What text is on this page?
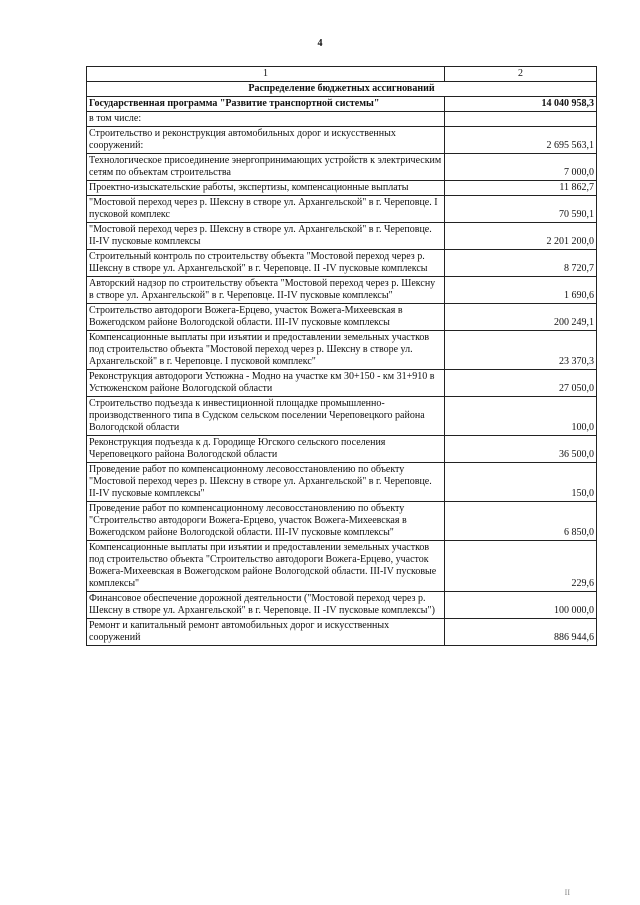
4
1	2
Распределение бюджетных ассигнований	
Государственная программа "Развитие транспортной системы"	14 040 958,3
в том числе:	
Строительство и реконструкция автомобильных дорог и искусственных сооружений:	2 695 563,1
Технологическое присоединение энергопринимающих устройств к электрическим сетям по объектам строительства	7 000,0
Проектно-изыскательские работы, экспертизы, компенсационные выплаты	11 862,7
"Мостовой переход через р. Шексну в створе ул. Архангельской" в г. Череповце. I пусковой комплекс	70 590,1
"Мостовой переход через р. Шексну в створе ул. Архангельской" в г. Череповце. II-IV пусковые комплексы	2 201 200,0
Строительный контроль по строительству объекта "Мостовой переход через р. Шексну в створе ул. Архангельской" в г. Череповце. II -IV пусковые комплексы	8 720,7
Авторский надзор по строительству объекта "Мостовой переход через р. Шексну в створе ул. Архангельской" в г. Череповце. II-IV пусковые комплексы"	1 690,6
Строительство автодороги Вожега-Ерцево, участок Вожега-Михеевская в Вожегодском районе Вологодской области. III-IV пусковые комплексы	200 249,1
Компенсационные выплаты при изъятии и предоставлении земельных участков под строительство объекта "Мостовой переход через р. Шексну в створе ул. Архангельской" в г. Череповце. I пусковой комплекс"	23 370,3
Реконструкция автодороги Устюжна - Модно на участке км 30+150 - км 31+910 в Устюженском районе Вологодской области	27 050,0
Строительство подъезда к инвестиционной площадке промышленно-производственного типа в Судском сельском поселении Череповецкого района Вологодской области	100,0
Реконструкция подъезда к д. Городище Югского сельского поселения Череповецкого района Вологодской области	36 500,0
Проведение работ по компенсационному лесовосстановлению по объекту "Мостовой переход через р. Шексну в створе ул. Архангельской" в г. Череповце. II-IV пусковые комплексы"	150,0
Проведение работ по компенсационному лесовосстановлению по объекту "Строительство автодороги Вожега-Ерцево, участок Вожега-Михеевская в Вожегодском районе Вологодской области. III-IV пусковые комплексы"	6 850,0
Компенсационные выплаты при изъятии и предоставлении земельных участков под строительство объекта "Строительство автодороги Вожега-Ерцево, участок Вожега-Михеевская в Вожегодском районе Вологодской области. III-IV пусковые комплексы"	229,6
Финансовое обеспечение дорожной деятельности ("Мостовой переход через р. Шексну в створе ул. Архангельской" в г. Череповце. II -IV пусковые комплексы")	100 000,0
Ремонт и капитальный ремонт автомобильных дорог и искусственных сооружений	886 944,6
II
